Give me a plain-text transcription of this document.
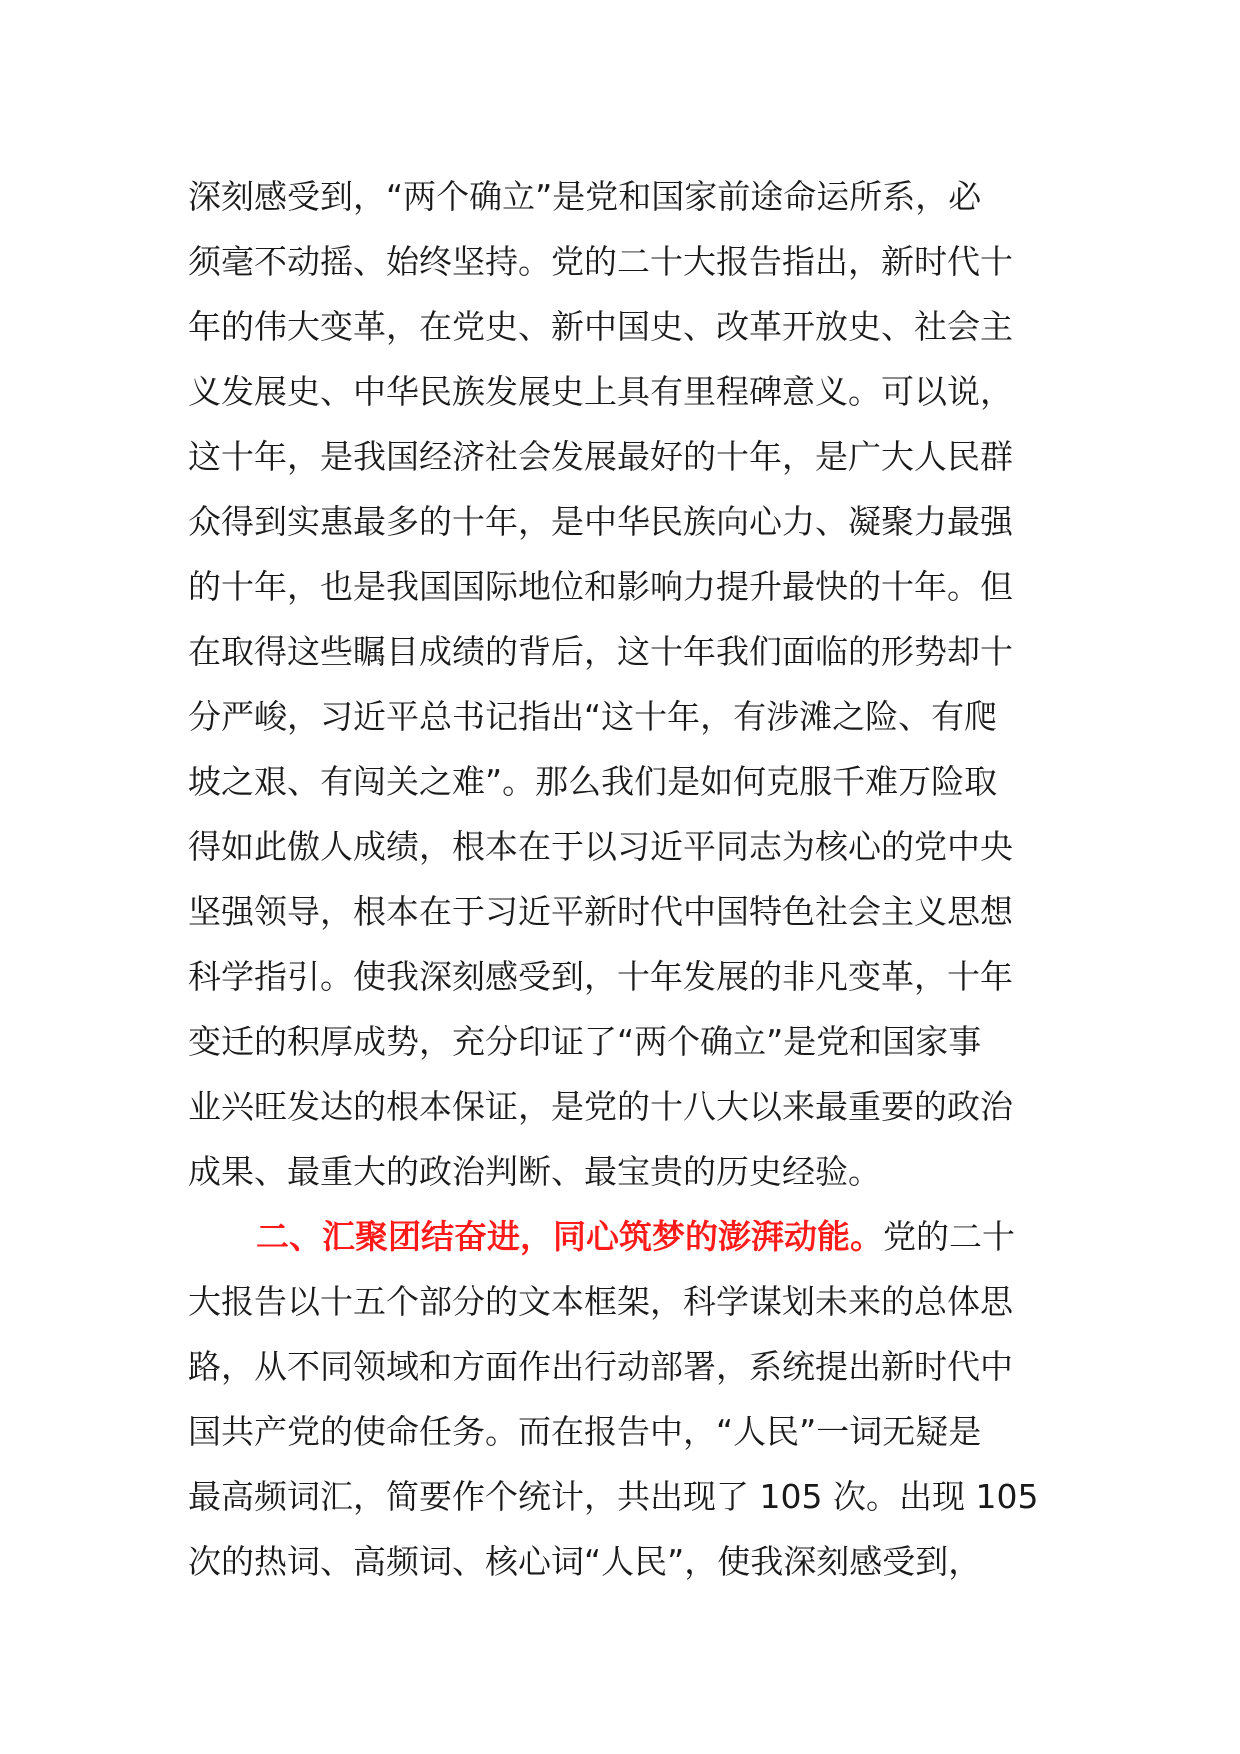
深刻感受到，“两个确立”是党和国家前途命运所系，必
须毫不动摇、始终坚持。党的二十大报告指出，新时代十
年的伟大变革，在党史、新中国史、改革开放史、社会主
义发展史、中华民族发展史上具有里程碑意义。可以说，
这十年，是我国经济社会发展最好的十年，是广大人民群
众得到实惠最多的十年，是中华民族向心力、凝聚力最强
的十年，也是我国国际地位和影响力提升最快的十年。但
在取得这些瞩目成绩的背后，这十年我们面临的形势却十
分严峻，习近平总书记指出“这十年，有涉滩之险、有爬
坡之艰、有闯关之难”。那么我们是如何克服千难万险取
得如此傲人成绩，根本在于以习近平同志为核心的党中央
坚强领导，根本在于习近平新时代中国特色社会主义思想
科学指引。使我深刻感受到，十年发展的非凡变革，十年
变迁的积厚成势，充分印证了“两个确立”是党和国家事
业兴旺发达的根本保证，是党的十八大以来最重要的政治
成果、最重大的政治判断、最宝贵的历史经验。
二、汇聚团结奋进，同心筑梦的澎湃动能。党的二十
大报告以十五个部分的文本框架，科学谋划未来的总体思
路，从不同领域和方面作出行动部署，系统提出新时代中
国共产党的使命任务。而在报告中，“人民”一词无疑是
最高频词汇，简要作个统计，共出现了 105 次。出现 105
次的热词、高频词、核心词“人民”，使我深刻感受到，
